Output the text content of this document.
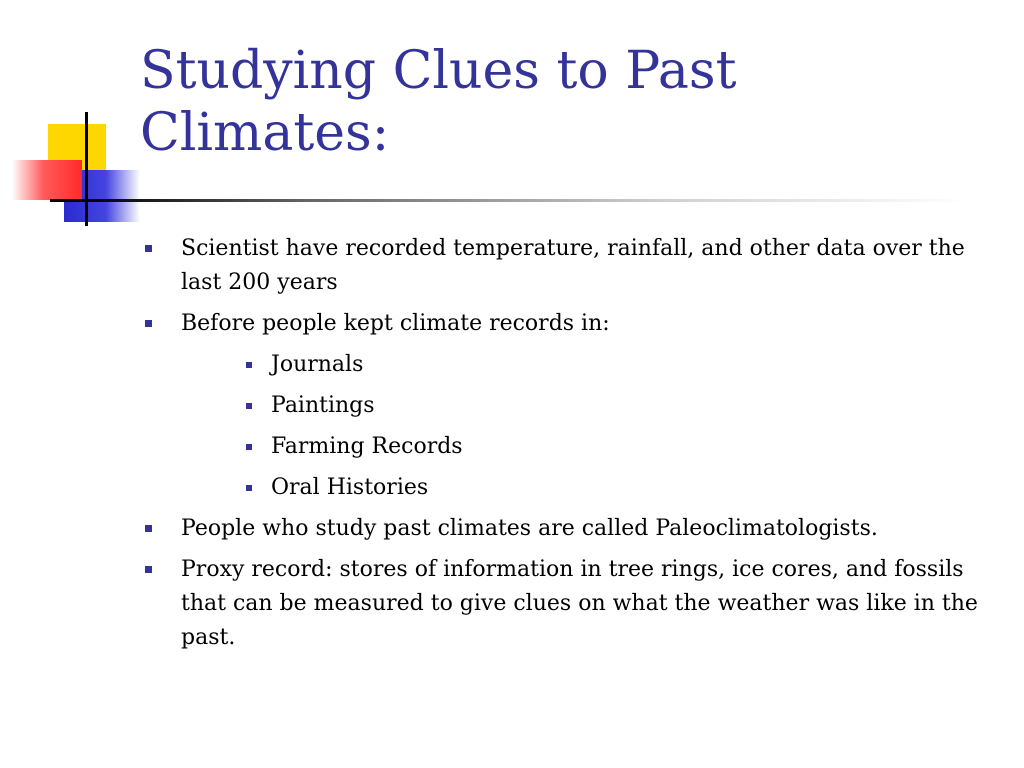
Studying Clues to Past Climates:
Scientist have recorded temperature, rainfall, and other data over the last 200 years
Before people kept climate records in:
Journals
Paintings
Farming Records
Oral Histories
People who study past climates are called Paleoclimatologists.
Proxy record: stores of information in tree rings, ice cores, and fossils that can be measured to give clues on what the weather was like in the past.
